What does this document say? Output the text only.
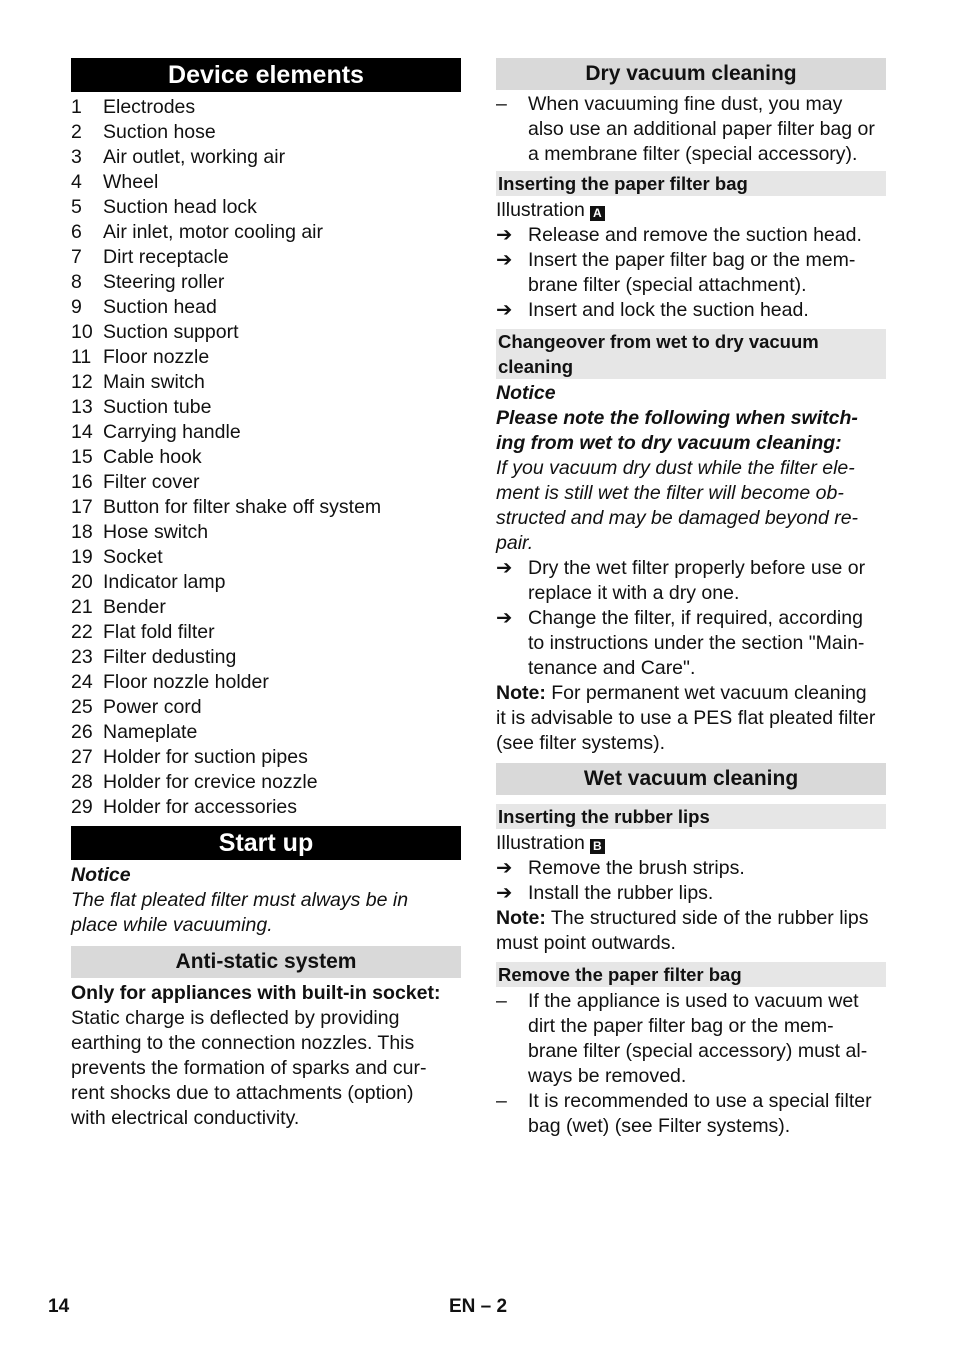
Device elements
1	Electrodes
2	Suction hose
3	Air outlet, working air
4	Wheel
5	Suction head lock
6	Air inlet, motor cooling air
7	Dirt receptacle
8	Steering roller
9	Suction head
10 Suction support
11 Floor nozzle
12 Main switch
13 Suction tube
14 Carrying handle
15 Cable hook
16 Filter cover
17 Button for filter shake off system
18 Hose switch
19 Socket
20 Indicator lamp
21 Bender
22 Flat fold filter
23 Filter dedusting
24 Floor nozzle holder
25 Power cord
26 Nameplate
27 Holder for suction pipes
28 Holder for crevice nozzle
29 Holder for accessories
Start up
Notice
The flat pleated filter must always be in
place while vacuuming.
Anti-static system
Only for appliances with built-in socket:
Static charge is deflected by providing
earthing to the connection nozzles. This
prevents the formation of sparks and cur-
rent shocks due to attachments (option)
with electrical conductivity.
Dry vacuum cleaning
–	When vacuuming fine dust, you may
also use an additional paper filter bag or
a membrane filter (special accessory).
Inserting the paper filter bag
Illustration A
➔ Release and remove the suction head.
➔ Insert the paper filter bag or the mem-
brane filter (special attachment).
➔ Insert and lock the suction head.
Changeover from wet to dry vacuum
cleaning
Notice
Please note the following when switch-
ing from wet to dry vacuum cleaning:
If you vacuum dry dust while the filter ele-
ment is still wet the filter will become ob-
structed and may be damaged beyond re-
pair.
➔ Dry the wet filter properly before use or
replace it with a dry one.
➔ Change the filter, if required, according
to instructions under the section "Main-
tenance and Care".
Note: For permanent wet vacuum cleaning
it is advisable to use a PES flat pleated filter
(see filter systems).
Wet vacuum cleaning
Inserting the rubber lips
Illustration B
➔ Remove the brush strips.
➔ Install the rubber lips.
Note: The structured side of the rubber lips
must point outwards.
Remove the paper filter bag
–	If the appliance is used to vacuum wet
dirt the paper filter bag or the mem-
brane filter (special accessory) must al-
ways be removed.
–	It is recommended to use a special filter
bag (wet) (see Filter systems).
14	EN – 2
